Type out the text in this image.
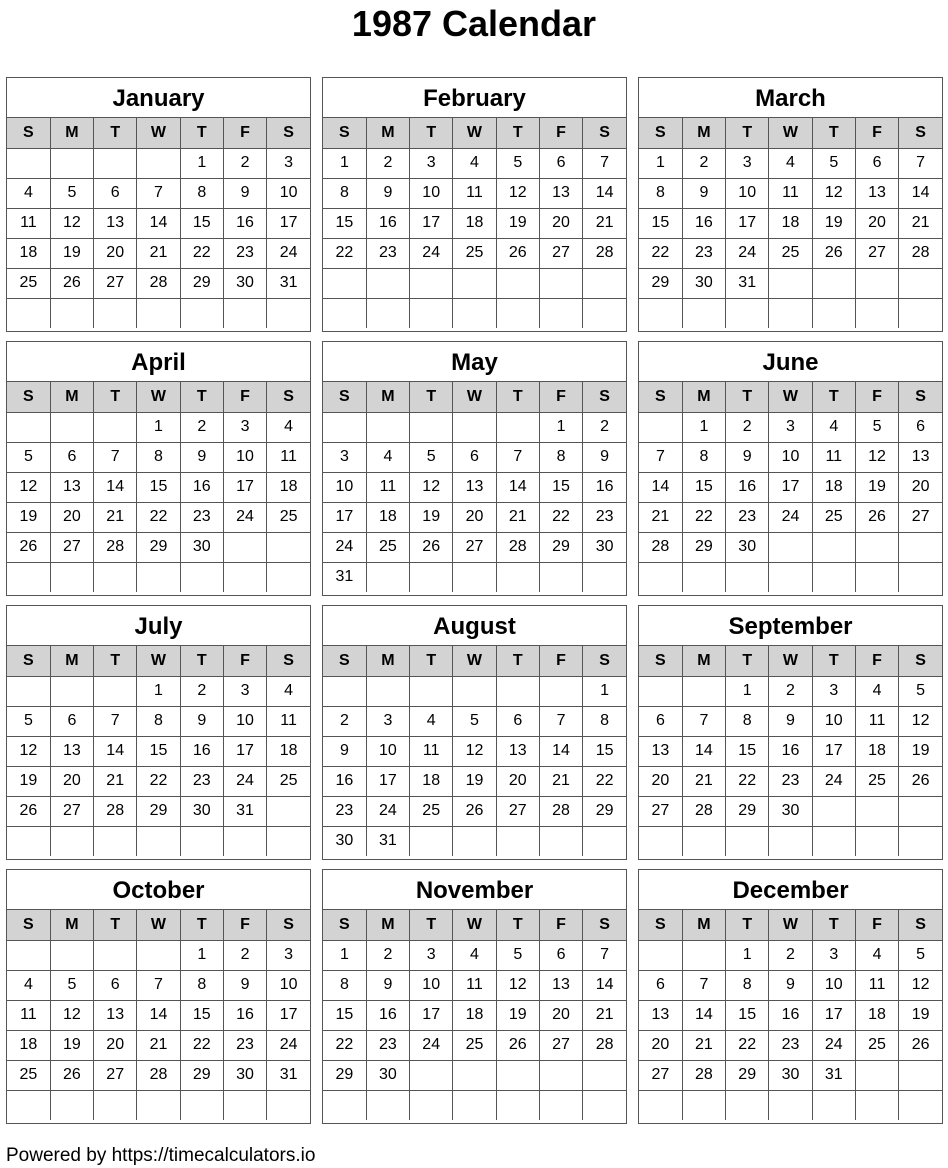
1987 Calendar
January
S	M	T	W	T	F	S
				1	2	3
4	5	6	7	8	9	10
11	12	13	14	15	16	17
18	19	20	21	22	23	24
25	26	27	28	29	30	31

February
S	M	T	W	T	F	S
1	2	3	4	5	6	7
8	9	10	11	12	13	14
15	16	17	18	19	20	21
22	23	24	25	26	27	28

March
S	M	T	W	T	F	S
1	2	3	4	5	6	7
8	9	10	11	12	13	14
15	16	17	18	19	20	21
22	23	24	25	26	27	28
29	30	31				

April
S	M	T	W	T	F	S
			1	2	3	4
5	6	7	8	9	10	11
12	13	14	15	16	17	18
19	20	21	22	23	24	25
26	27	28	29	30		

May
S	M	T	W	T	F	S
					1	2
3	4	5	6	7	8	9
10	11	12	13	14	15	16
17	18	19	20	21	22	23
24	25	26	27	28	29	30
31						
June
S	M	T	W	T	F	S
	1	2	3	4	5	6
7	8	9	10	11	12	13
14	15	16	17	18	19	20
21	22	23	24	25	26	27
28	29	30				

July
S	M	T	W	T	F	S
			1	2	3	4
5	6	7	8	9	10	11
12	13	14	15	16	17	18
19	20	21	22	23	24	25
26	27	28	29	30	31	

August
S	M	T	W	T	F	S
						1
2	3	4	5	6	7	8
9	10	11	12	13	14	15
16	17	18	19	20	21	22
23	24	25	26	27	28	29
30	31					
September
S	M	T	W	T	F	S
		1	2	3	4	5
6	7	8	9	10	11	12
13	14	15	16	17	18	19
20	21	22	23	24	25	26
27	28	29	30			

October
S	M	T	W	T	F	S
				1	2	3
4	5	6	7	8	9	10
11	12	13	14	15	16	17
18	19	20	21	22	23	24
25	26	27	28	29	30	31

November
S	M	T	W	T	F	S
1	2	3	4	5	6	7
8	9	10	11	12	13	14
15	16	17	18	19	20	21
22	23	24	25	26	27	28
29	30					

December
S	M	T	W	T	F	S
		1	2	3	4	5
6	7	8	9	10	11	12
13	14	15	16	17	18	19
20	21	22	23	24	25	26
27	28	29	30	31		

Powered by https://timecalculators.io
